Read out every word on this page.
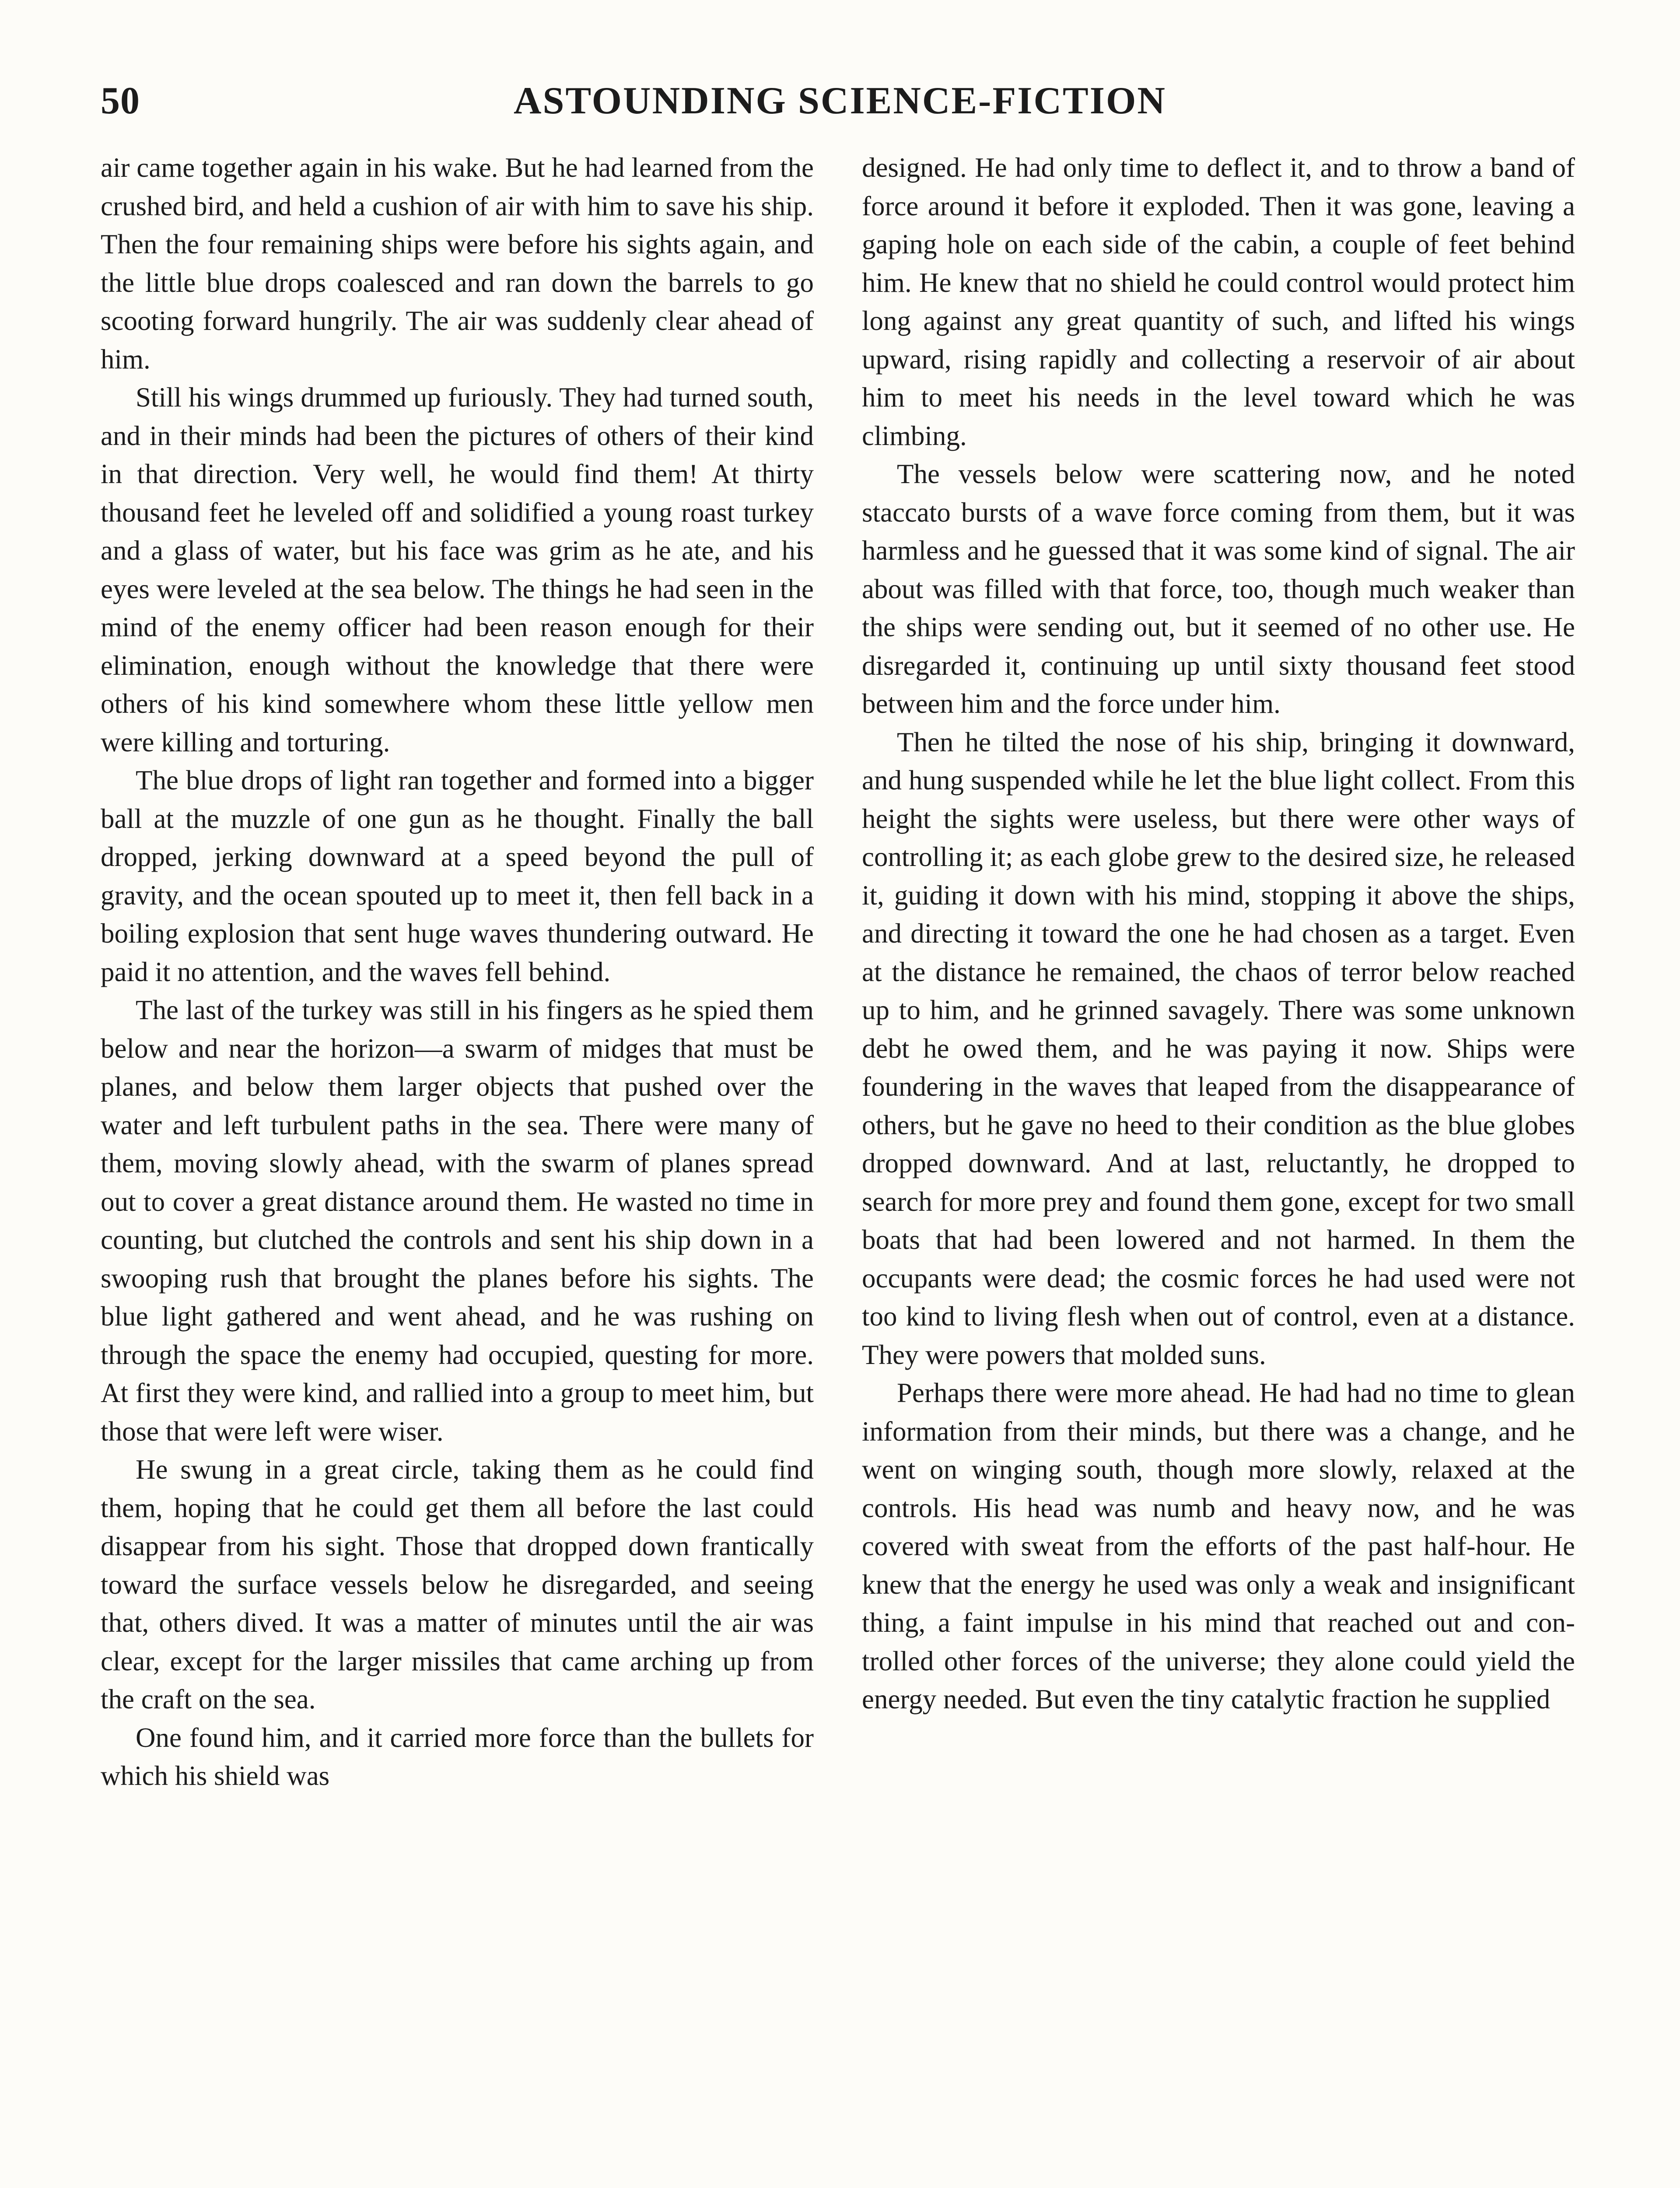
50	ASTOUNDING SCIENCE-FICTION

air came together again in his wake. But he had learned from the crushed bird, and held a cushion of air with him to save his ship. Then the four remaining ships were before his sights again, and the little blue drops coalesced and ran down the barrels to go scooting forward hungrily. The air was suddenly clear ahead of him.

Still his wings drummed up furiously. They had turned south, and in their minds had been the pictures of others of their kind in that direction. Very well, he would find them! At thirty thousand feet he leveled off and solidified a young roast turkey and a glass of water, but his face was grim as he ate, and his eyes were leveled at the sea below. The things he had seen in the mind of the enemy officer had been reason enough for their elimination, enough without the knowledge that there were others of his kind somewhere whom these little yellow men were killing and torturing.

The blue drops of light ran together and formed into a bigger ball at the muzzle of one gun as he thought. Finally the ball dropped, jerking downward at a speed beyond the pull of gravity, and the ocean spouted up to meet it, then fell back in a boiling explosion that sent huge waves thundering outward. He paid it no attention, and the waves fell behind.

The last of the turkey was still in his fingers as he spied them below and near the horizon—a swarm of midges that must be planes, and below them larger objects that pushed over the water and left turbulent paths in the sea. There were many of them, moving slowly ahead, with the swarm of planes spread out to cover a great distance around them. He wasted no time in counting, but clutched the controls and sent his ship down in a swooping rush that brought the planes before his sights. The blue light gathered and went ahead, and he was rushing on through the space the enemy had occupied, questing for more. At first they were kind, and rallied into a group to meet him, but those that were left were wiser.

He swung in a great circle, taking them as he could find them, hoping that he could get them all before the last could disappear from his sight. Those that dropped down frantically toward the surface vessels below he disregarded, and seeing that, others dived. It was a matter of minutes until the air was clear, except for the larger missiles that came arching up from the craft on the sea.

One found him, and it carried more force than the bullets for which his shield was

designed. He had only time to deflect it, and to throw a band of force around it before it exploded. Then it was gone, leaving a gaping hole on each side of the cabin, a couple of feet behind him. He knew that no shield he could control would protect him long against any great quantity of such, and lifted his wings upward, rising rapidly and collecting a reservoir of air about him to meet his needs in the level toward which he was climbing.

The vessels below were scattering now, and he noted staccato bursts of a wave force coming from them, but it was harmless and he guessed that it was some kind of signal. The air about was filled with that force, too, though much weaker than the ships were sending out, but it seemed of no other use. He disregarded it, continuing up until sixty thousand feet stood between him and the force under him.

Then he tilted the nose of his ship, bringing it downward, and hung suspended while he let the blue light collect. From this height the sights were useless, but there were other ways of controlling it; as each globe grew to the desired size, he released it, guiding it down with his mind, stopping it above the ships, and directing it toward the one he had chosen as a target. Even at the distance he remained, the chaos of terror below reached up to him, and he grinned savagely. There was some unknown debt he owed them, and he was paying it now. Ships were foundering in the waves that leaped from the disappearance of others, but he gave no heed to their condition as the blue globes dropped downward. And at last, reluctantly, he dropped to search for more prey and found them gone, except for two small boats that had been lowered and not harmed. In them the occupants were dead; the cosmic forces he had used were not too kind to living flesh when out of control, even at a distance. They were powers that molded suns.

Perhaps there were more ahead. He had had no time to glean information from their minds, but there was a change, and he went on winging south, though more slowly, relaxed at the controls. His head was numb and heavy now, and he was covered with sweat from the efforts of the past half-hour. He knew that the energy he used was only a weak and insignificant thing, a faint impulse in his mind that reached out and controlled other forces of the universe; they alone could yield the energy needed. But even the tiny catalytic fraction he supplied
